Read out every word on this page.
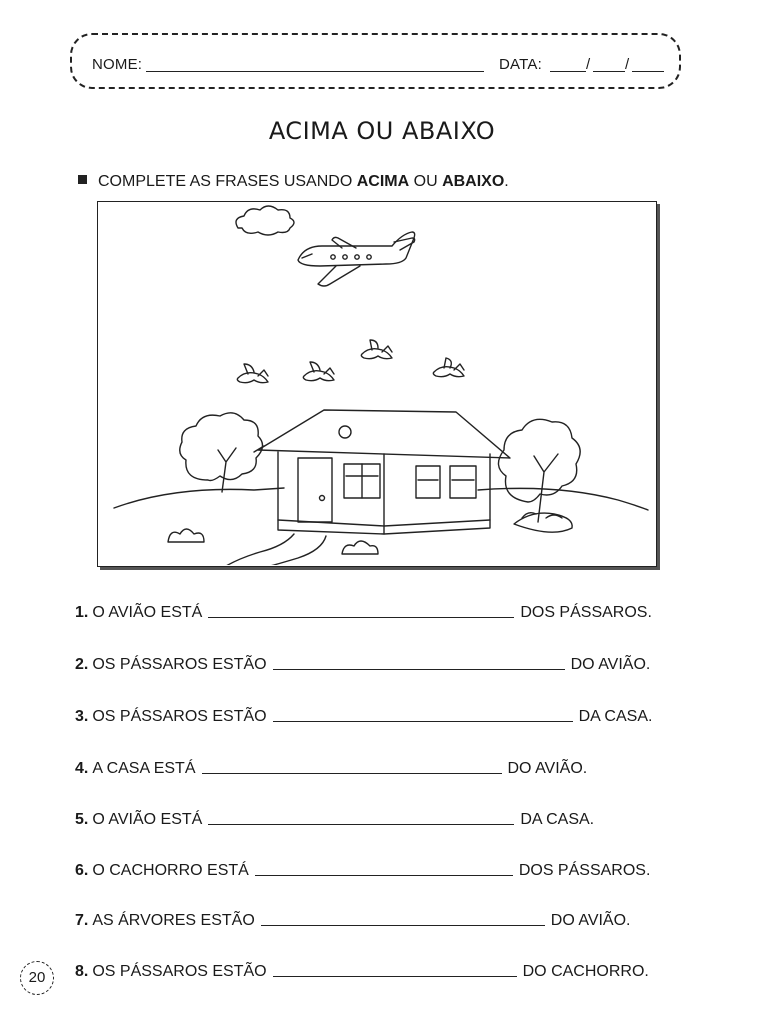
NOME:	DATA:	/ /
ACIMA OU ABAIXO
COMPLETE AS FRASES USANDO ACIMA OU ABAIXO.
1. O AVIÃO ESTÁ	DOS PÁSSAROS.
2. OS PÁSSAROS ESTÃO	DO AVIÃO.
3. OS PÁSSAROS ESTÃO	DA CASA.
4. A CASA ESTÁ	DO AVIÃO.
5. O AVIÃO ESTÁ	DA CASA.
6. O CACHORRO ESTÁ	DOS PÁSSAROS.
7. AS ÁRVORES ESTÃO	DO AVIÃO.
8. OS PÁSSAROS ESTÃO	DO CACHORRO.
20
